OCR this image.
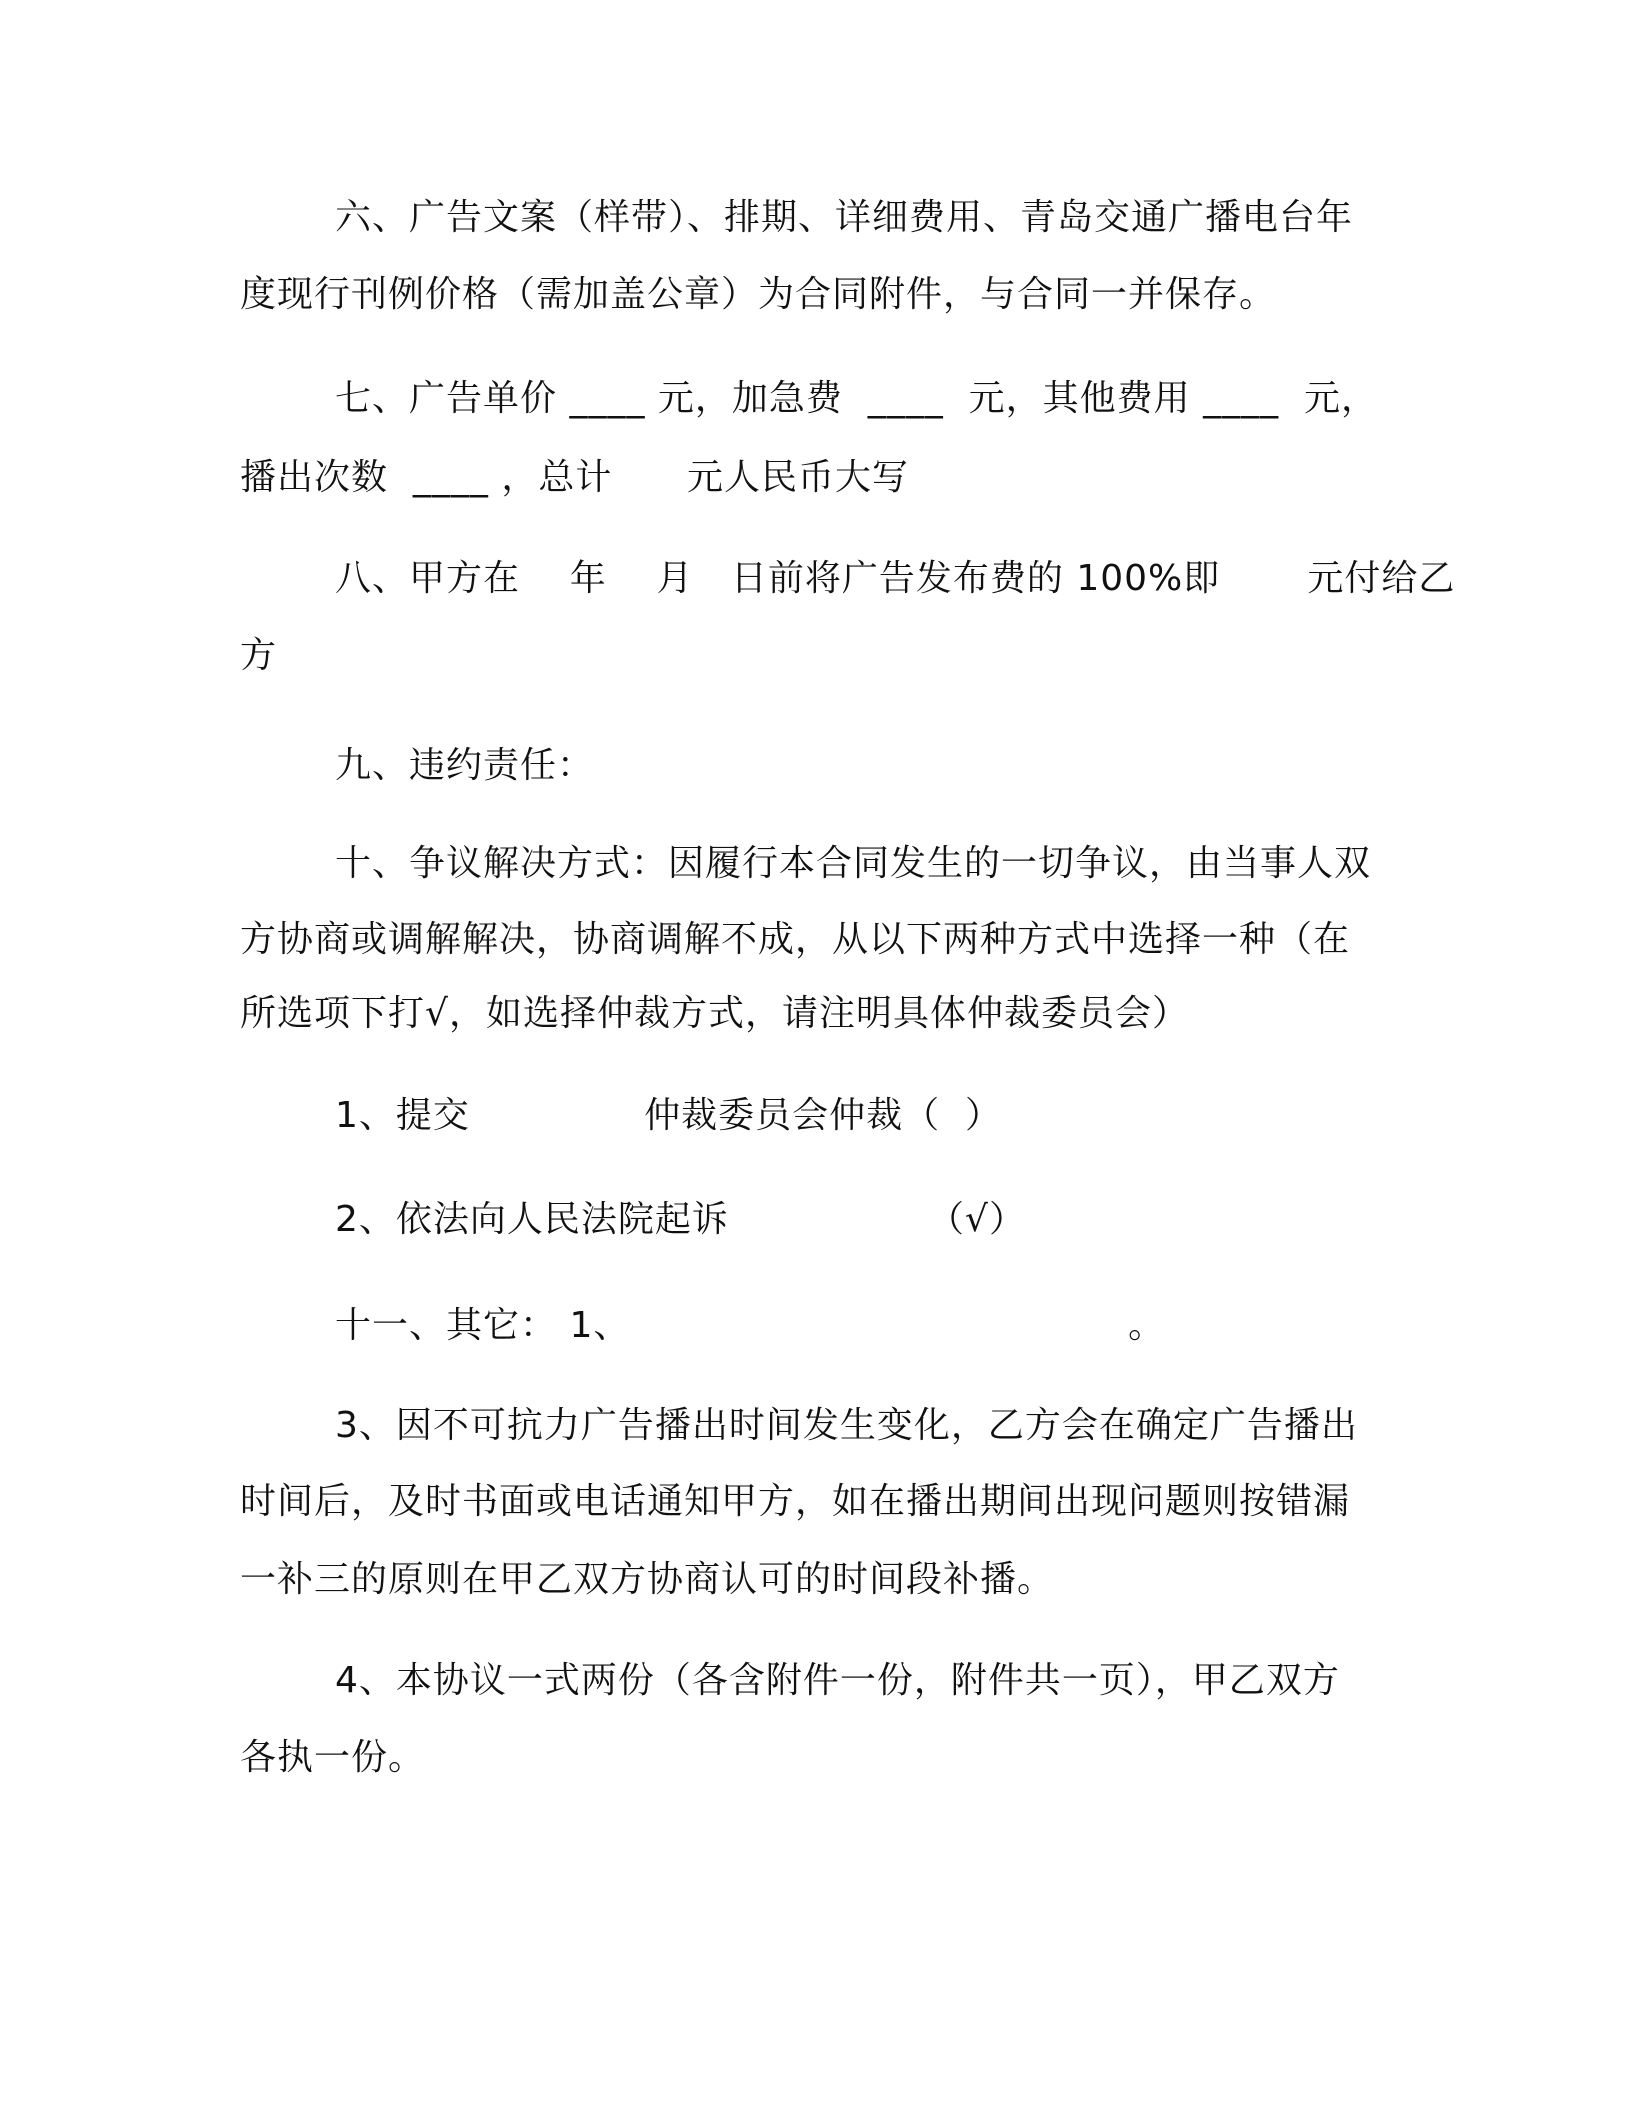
六、广告文案（样带）、排期、详细费用、青岛交通广播电台年
度现行刊例价格（需加盖公章）为合同附件，与合同一并保存。
七、广告单价 ____ 元，加急费  ____  元，其他费用 ____  元，
播出次数  ____ ，总计      元人民币大写
八、甲方在    年    月   日前将广告发布费的 100%即       元付给乙
方
九、违约责任：
十、争议解决方式：因履行本合同发生的一切争议，由当事人双
方协商或调解解决，协商调解不成，从以下两种方式中选择一种（在
所选项下打√，如选择仲裁方式，请注明具体仲裁委员会）
1、提交              仲裁委员会仲裁（  ）
2、依法向人民法院起诉                （√）
十一、其它： 1、                                        。
3、因不可抗力广告播出时间发生变化，乙方会在确定广告播出
时间后，及时书面或电话通知甲方，如在播出期间出现问题则按错漏
一补三的原则在甲乙双方协商认可的时间段补播。
4、本协议一式两份（各含附件一份，附件共一页），甲乙双方
各执一份。
